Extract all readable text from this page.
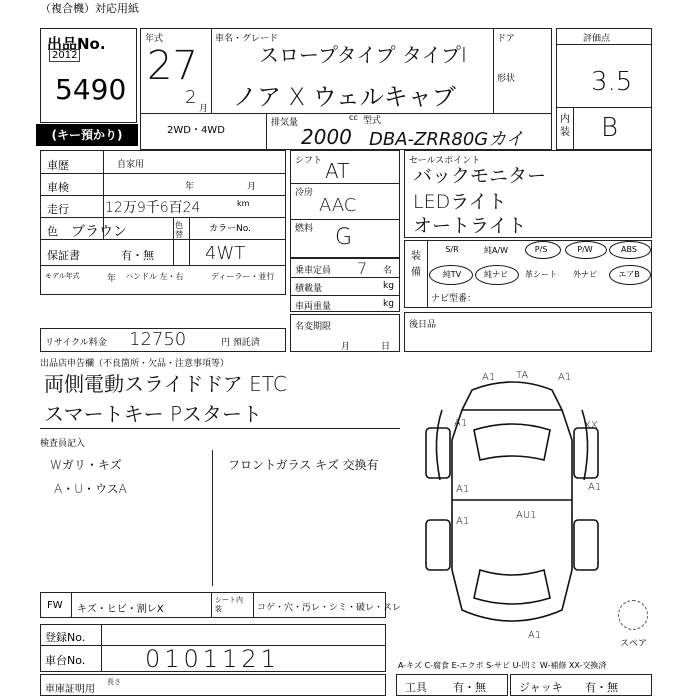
（複合機）対応用紙
出品No.
2012
5490
(キー預かり)
年式
27
2
月
車名・グレード
スロープタイプ タイプI
ノア X ウェルキャブ
ドア
形状
2WD・4WD
排気量
cc 型式
2000 DBA-ZRR80Gカイ
評価点
3.5
内装 B
車歴	自家用
車検	年	月
走行	12万9千6百24	km
色 ブラウン	色替
カラーNo.
保証書	有・無	4WT
モデル年式	年 ハンドル 左・右	ディーラー・並行
リサイクル料金 12750	円 預託済
シフト AT
冷房
AAC
燃料 G
乗車定員 7 名
積載量	kg
車両重量	kg
名変期限
月	日
セールスポイント
バックモニター
LEDライト
オートライト
装備
S/R	純A/W	P/S	P/W	ABS
純TV	純ナビ	革シート	外ナビ	エアB
ナビ型番：
後日品
出品店申告欄（不良箇所・欠品・注意事項等）
両側電動スライドドア ETC
スマートキー Pスタート
検査員記入
Wガリ・キズ
A・U・ウスA
フロントガラス キズ 交換有
A1 TA	A1
A1	XX
A1	A1
AU1
A1
A1
スペア
FW キズ・ヒビ・割レX
シート内装	コゲ・穴・汚レ・シミ・破レ・スレ
登録No.
車台No. 0101121	A-キズ C-腐食 E-エクボ S-サビ U-凹ミ W-補修 XX-交換済
車庫証明用
長さ	工具 有・無	ジャッキ 有・無
